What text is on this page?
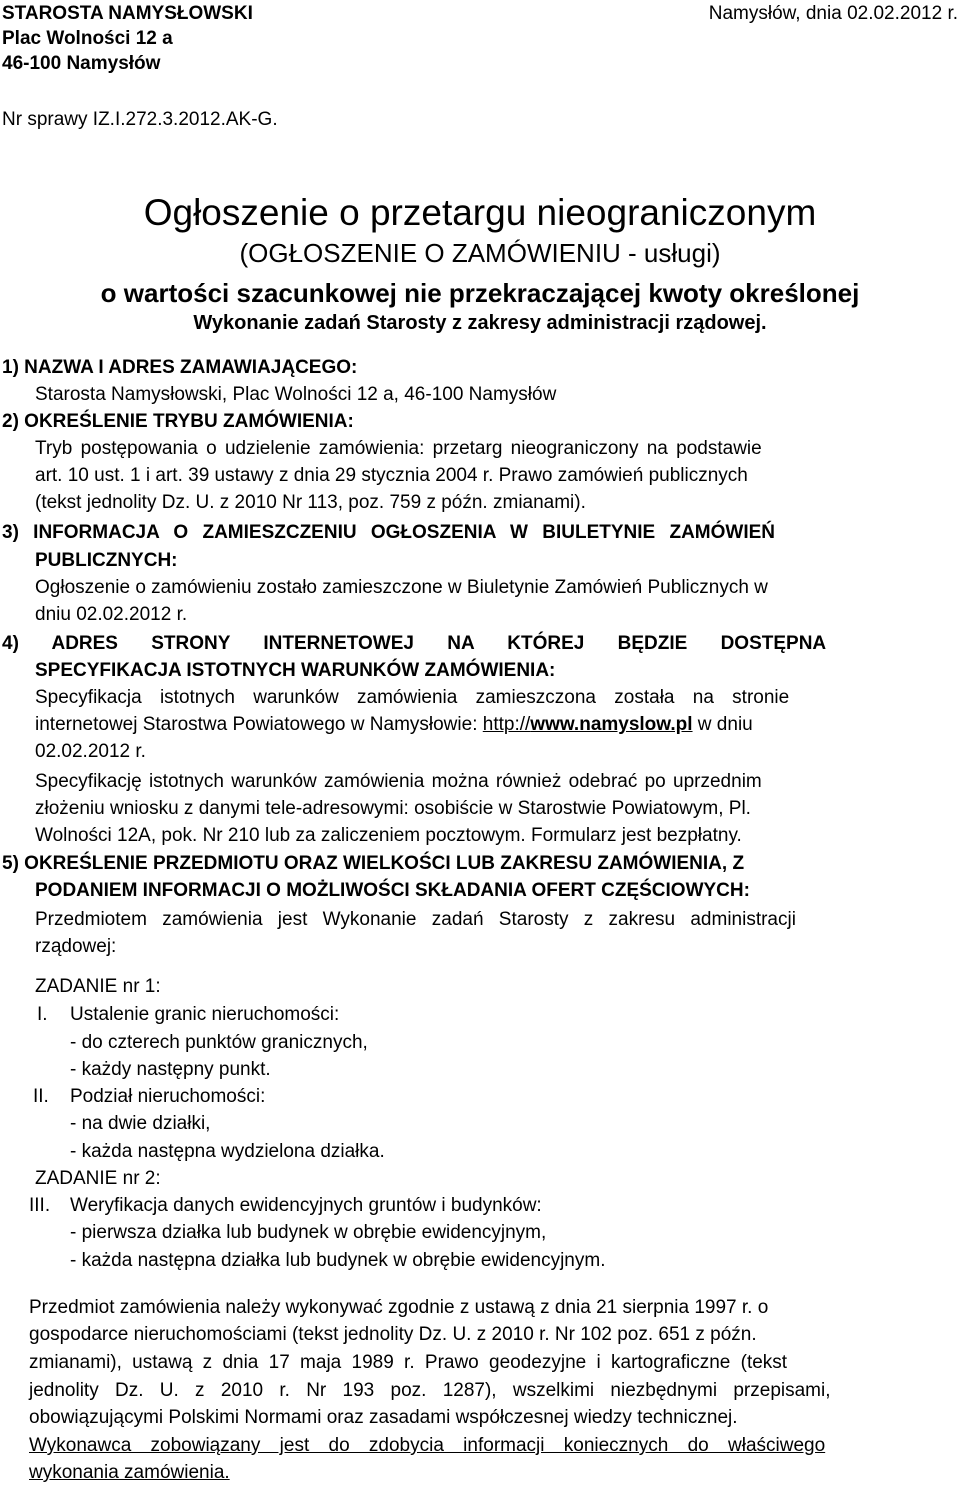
STAROSTA NAMYSŁOWSKI
Plac Wolności 12 a
46-100 Namysłów
Namysłów, dnia 02.02.2012 r.
Nr sprawy IZ.I.272.3.2012.AK-G.
Ogłoszenie o przetargu nieograniczonym
(OGŁOSZENIE O ZAMÓWIENIU - usługi)
o wartości szacunkowej nie przekraczającej kwoty określonej
Wykonanie zadań Starosty z zakresy administracji rządowej.
1) NAZWA I ADRES ZAMAWIAJĄCEGO:
Starosta Namysłowski, Plac Wolności 12 a, 46-100 Namysłów
2) OKREŚLENIE TRYBU ZAMÓWIENIA:
Tryb postępowania o udzielenie zamówienia: przetarg nieograniczony na podstawie
art. 10 ust. 1 i art. 39 ustawy z dnia 29 stycznia 2004 r. Prawo zamówień publicznych
(tekst jednolity Dz. U. z 2010 Nr 113, poz. 759 z późn. zmianami).
3) INFORMACJA O ZAMIESZCZENIU OGŁOSZENIA W BIULETYNIE ZAMÓWIEŃ
PUBLICZNYCH:
Ogłoszenie o zamówieniu zostało zamieszczone w Biuletynie Zamówień Publicznych w
dniu 02.02.2012 r.
4) ADRES STRONY INTERNETOWEJ NA KTÓREJ BĘDZIE DOSTĘPNA
SPECYFIKACJA ISTOTNYCH WARUNKÓW ZAMÓWIENIA:
Specyfikacja istotnych warunków zamówienia zamieszczona została na stronie
internetowej Starostwa Powiatowego w Namysłowie: http://www.namyslow.pl w dniu
02.02.2012 r.
Specyfikację istotnych warunków zamówienia można również odebrać po uprzednim
złożeniu wniosku z danymi tele-adresowymi: osobiście w Starostwie Powiatowym, Pl.
Wolności 12A, pok. Nr 210 lub za zaliczeniem pocztowym. Formularz jest bezpłatny.
5) OKREŚLENIE PRZEDMIOTU ORAZ WIELKOŚCI LUB ZAKRESU ZAMÓWIENIA, Z
PODANIEM INFORMACJI O MOŻLIWOŚCI SKŁADANIA OFERT CZĘŚCIOWYCH:
Przedmiotem zamówienia jest Wykonanie zadań Starosty z zakresu administracji
rządowej:
ZADANIE nr 1:
I. Ustalenie granic nieruchomości:
- do czterech punktów granicznych,
- każdy następny punkt.
II. Podział nieruchomości:
- na dwie działki,
- każda następna wydzielona działka.
ZADANIE nr 2:
III. Weryfikacja danych ewidencyjnych gruntów i budynków:
- pierwsza działka lub budynek w obrębie ewidencyjnym,
- każda następna działka lub budynek w obrębie ewidencyjnym.
Przedmiot zamówienia należy wykonywać zgodnie z ustawą z dnia 21 sierpnia 1997 r. o
gospodarce nieruchomościami (tekst jednolity Dz. U. z 2010 r. Nr 102 poz. 651 z późn.
zmianami), ustawą z dnia 17 maja 1989 r. Prawo geodezyjne i kartograficzne (tekst
jednolity Dz. U. z 2010 r. Nr 193 poz. 1287), wszelkimi niezbędnymi przepisami,
obowiązującymi Polskimi Normami oraz zasadami współczesnej wiedzy technicznej.
Wykonawca zobowiązany jest do zdobycia informacji koniecznych do właściwego
wykonania zamówienia.
